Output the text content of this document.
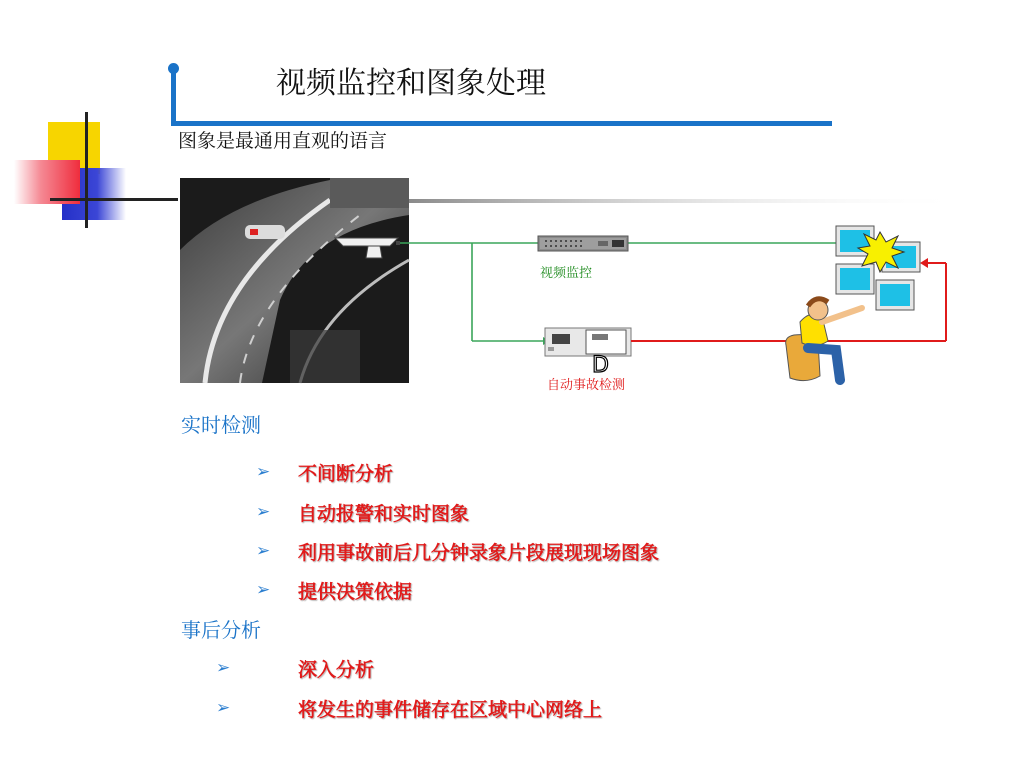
视频监控和图象处理
图象是最通用直观的语言
D
视频监控
自动事故检测
实时检测
➢ 不间断分析
➢ 自动报警和实时图象
➢ 利用事故前后几分钟录象片段展现现场图象
➢ 提供决策依据
事后分析
➢	深入分析
➢	将发生的事件储存在区域中心网络上
